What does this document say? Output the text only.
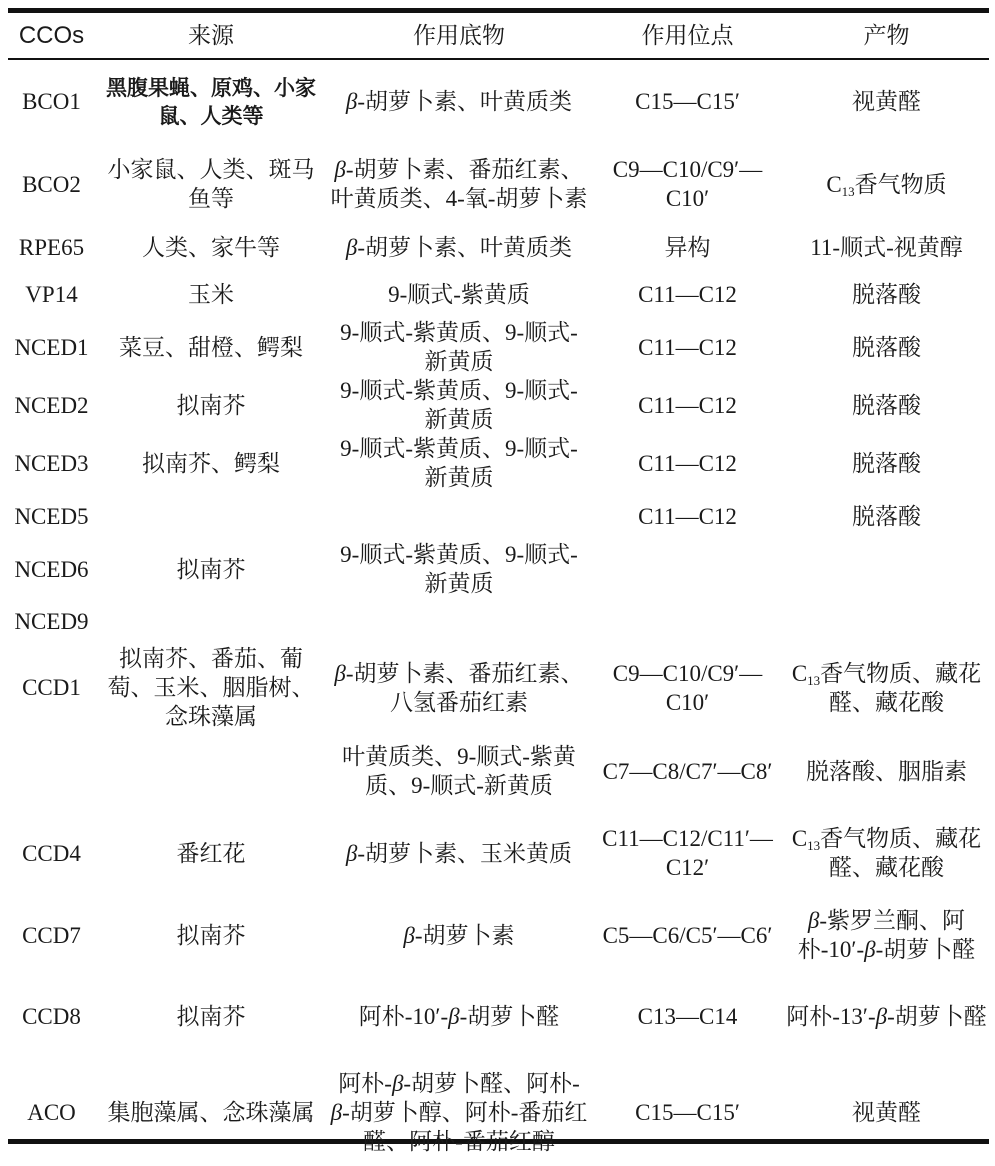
CCOs	来源	作用底物	作用位点	产物
BCO1	黑腹果蝇、原鸡、小家鼠、人类等	β-胡萝卜素、叶黄质类	C15—C15′	视黄醛
BCO2	小家鼠、人类、斑马鱼等	β-胡萝卜素、番茄红素、叶黄质类、4-氧-胡萝卜素	C9—C10/C9′—C10′	$C_{13}$香气物质
RPE65	人类、家牛等	β-胡萝卜素、叶黄质类	异构	11-顺式-视黄醇
VP14	玉米	9-顺式-紫黄质	C11—C12	脱落酸
NCED1	菜豆、甜橙、鳄梨	9-顺式-紫黄质、9-顺式-新黄质	C11—C12	脱落酸
NCED2	拟南芥	9-顺式-紫黄质、9-顺式-新黄质	C11—C12	脱落酸
NCED3	拟南芥、鳄梨	9-顺式-紫黄质、9-顺式-新黄质	C11—C12	脱落酸
NCED5			C11—C12	脱落酸
NCED6	拟南芥	9-顺式-紫黄质、9-顺式-新黄质		
NCED9				
CCD1	拟南芥、番茄、葡萄、玉米、胭脂树、念珠藻属	β-胡萝卜素、番茄红素、八氢番茄红素	C9—C10/C9′—C10′	$C_{13}$香气物质、藏花醛、藏花酸
		叶黄质类、9-顺式-紫黄质、9-顺式-新黄质	C7—C8/C7′—C8′	脱落酸、胭脂素
CCD4	番红花	β-胡萝卜素、玉米黄质	C11—C12/C11′—C12′	$C_{13}$香气物质、藏花醛、藏花酸
CCD7	拟南芥	β-胡萝卜素	C5—C6/C5′—C6′	β-紫罗兰酮、阿朴-10′-β-胡萝卜醛
CCD8	拟南芥	阿朴-10′-β-胡萝卜醛	C13—C14	阿朴-13′-β-胡萝卜醛
ACO	集胞藻属、念珠藻属	阿朴-β-胡萝卜醛、阿朴-β-胡萝卜醇、阿朴-番茄红醛、阿朴-番茄红醇	C15—C15′	视黄醛
